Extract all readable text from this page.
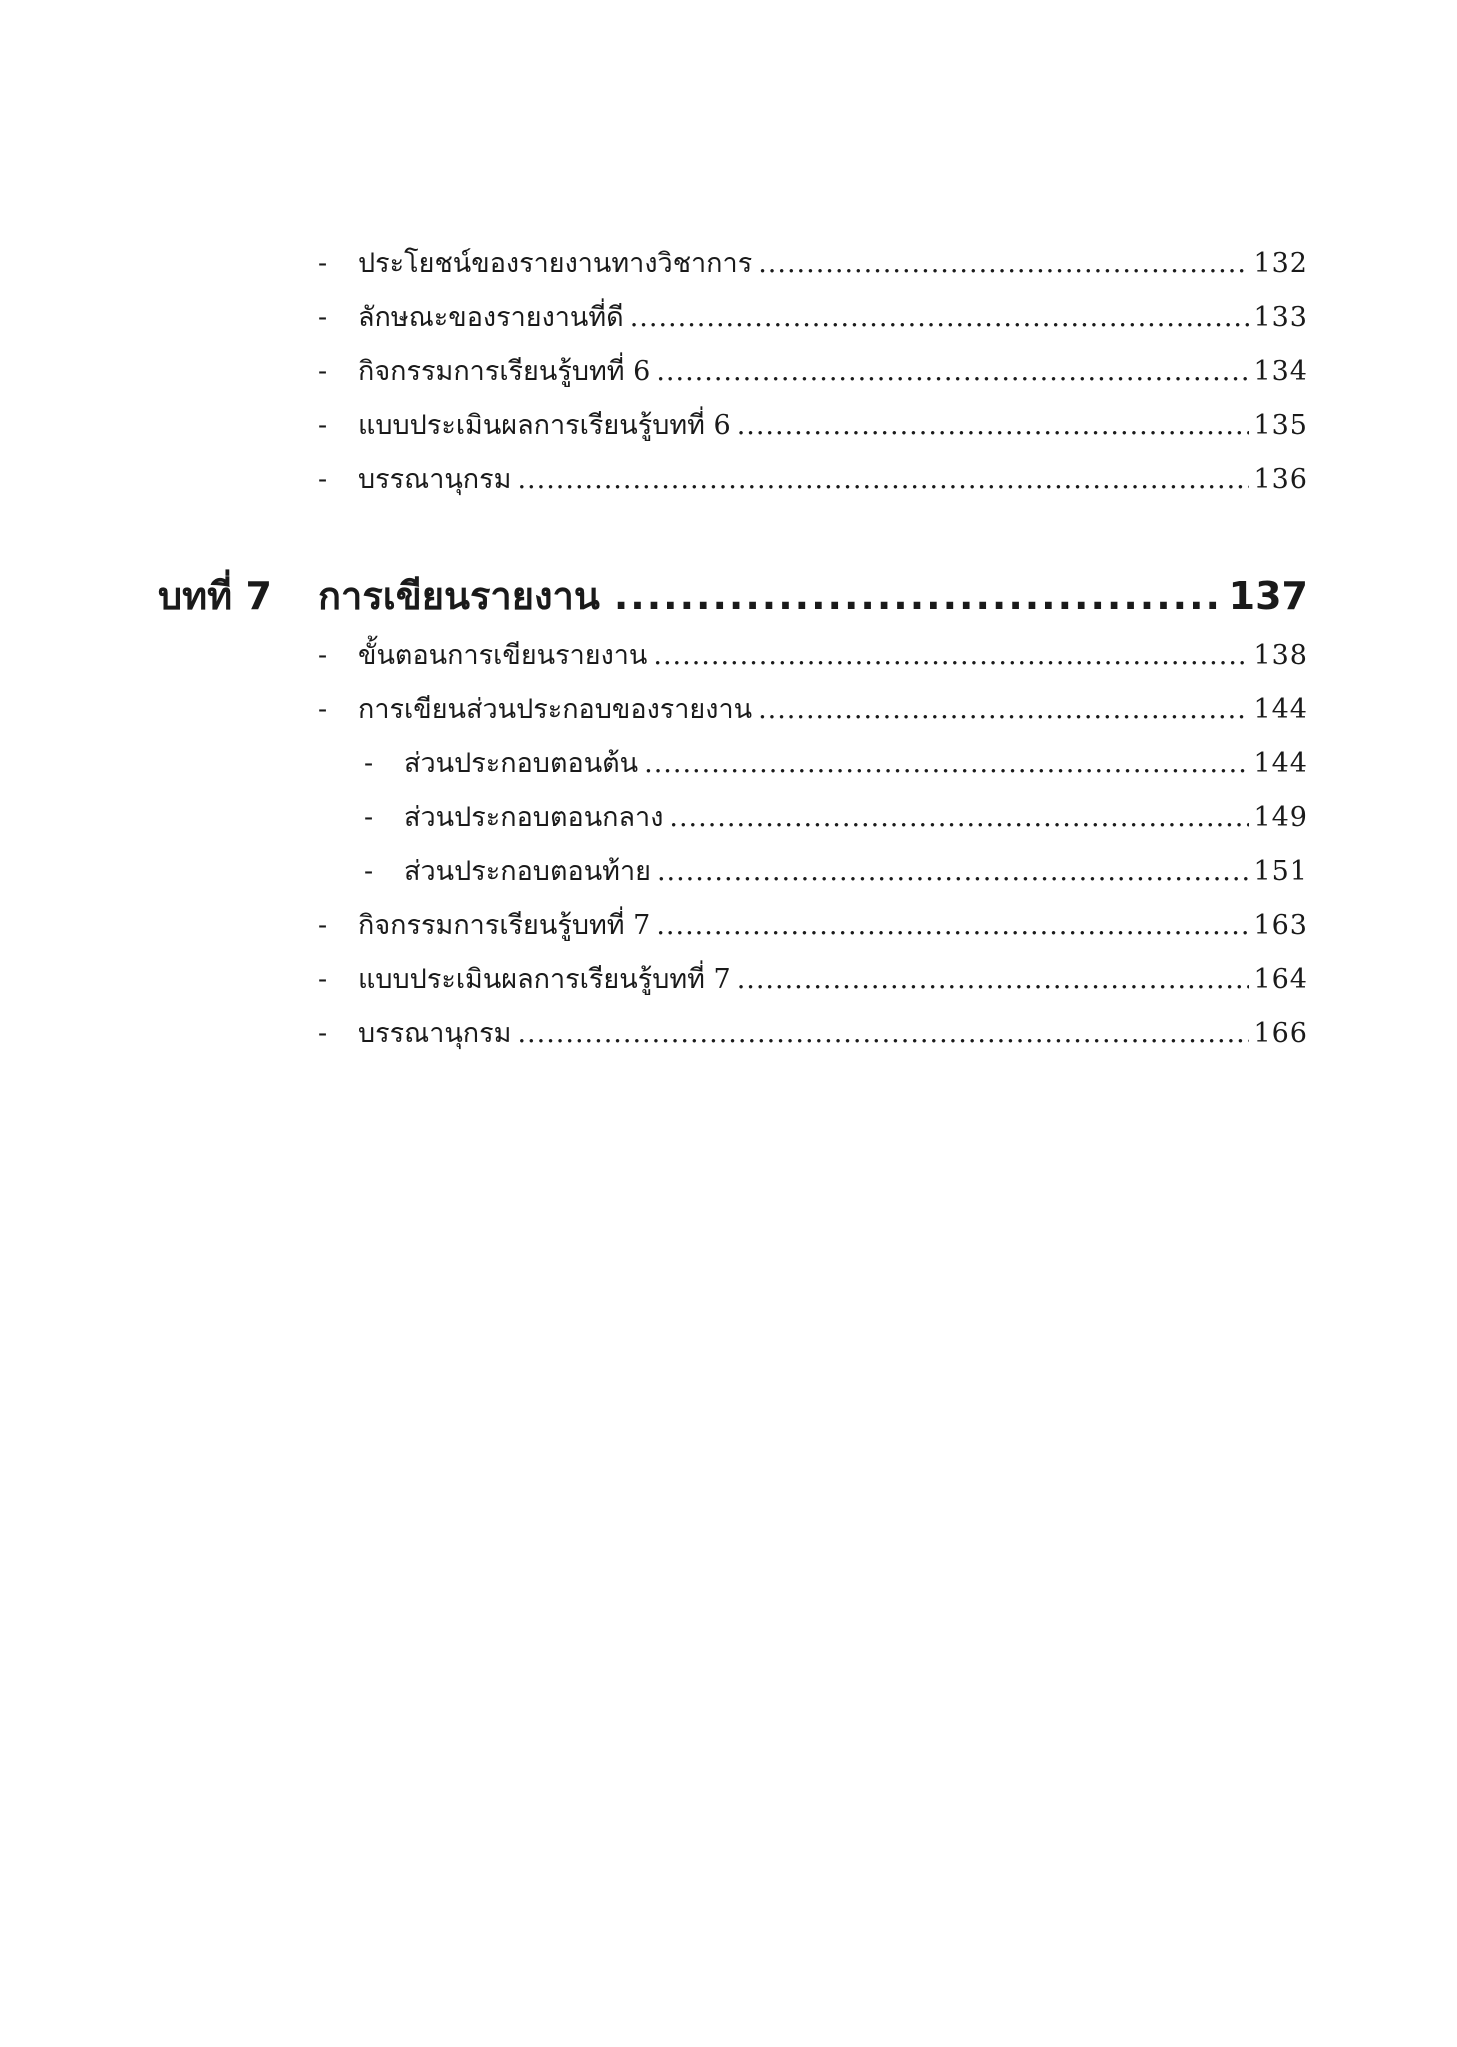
-	ประโยชน์ของรายงานทางวิชาการ .....	132
-	ลักษณะของรายงานที่ดี .....	133
-	กิจกรรมการเรียนรู้บทที่ 6 .....	134
-	แบบประเมินผลการเรียนรู้บทที่ 6 .....	135
-	บรรณานุกรม .....	136
บทที่ 7	การเขียนรายงาน .....	137
-	ขั้นตอนการเขียนรายงาน .....	138
-	การเขียนส่วนประกอบของรายงาน .....	144
-	ส่วนประกอบตอนต้น .....	144
-	ส่วนประกอบตอนกลาง .....	149
-	ส่วนประกอบตอนท้าย .....	151
-	กิจกรรมการเรียนรู้บทที่ 7 .....	163
-	แบบประเมินผลการเรียนรู้บทที่ 7 .....	164
-	บรรณานุกรม .....	166
